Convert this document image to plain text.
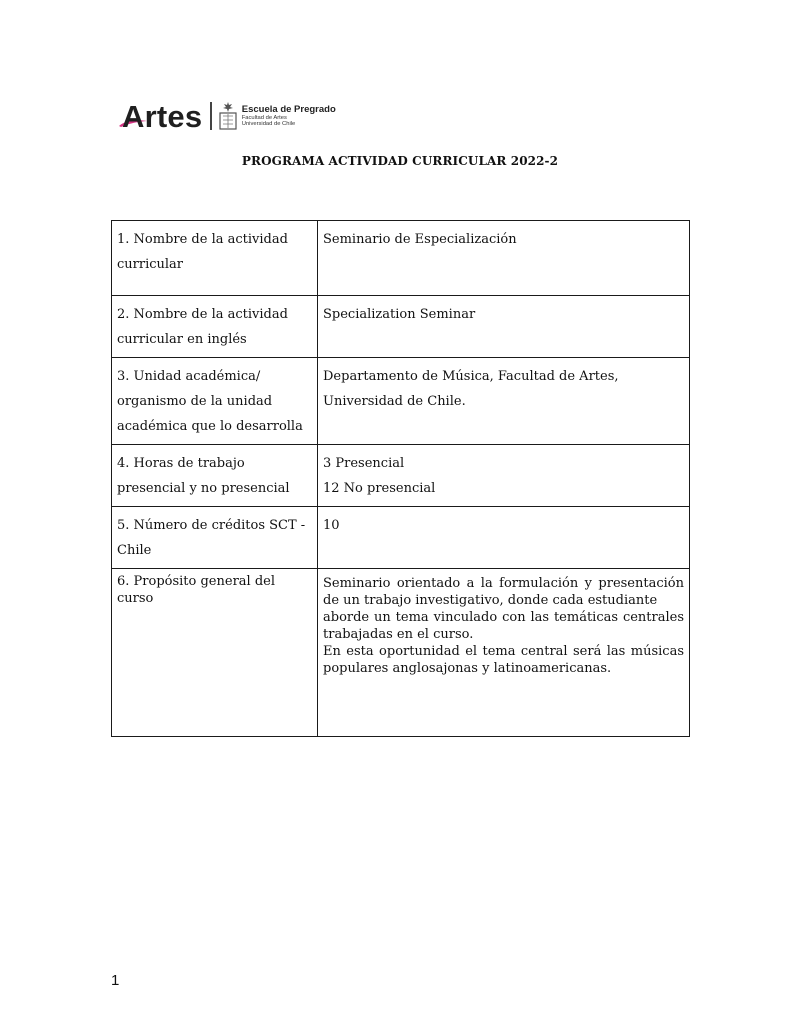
Artes	Escuela de Pregrado
Facultad de Artes
Universidad de Chile
PROGRAMA ACTIVIDAD CURRICULAR 2022-2
1. Nombre de la actividad curricular	Seminario de Especialización
2. Nombre de la actividad curricular en inglés	Specialization Seminar
3. Unidad académica/ organismo de la unidad académica que lo desarrolla	Departamento de Música, Facultad de Artes, Universidad de Chile.
4. Horas de trabajo presencial y no presencial	3 Presencial
12 No presencial

5. Número de créditos SCT - Chile	10
6. Propósito general del curso	Seminario orientado a la formulación y presentación de un trabajo investigativo, donde cada estudiante

aborde un tema vinculado con las temáticas centrales trabajadas en el curso.

En esta oportunidad el tema central será las músicas populares anglosajonas y latinoamericanas.

1
